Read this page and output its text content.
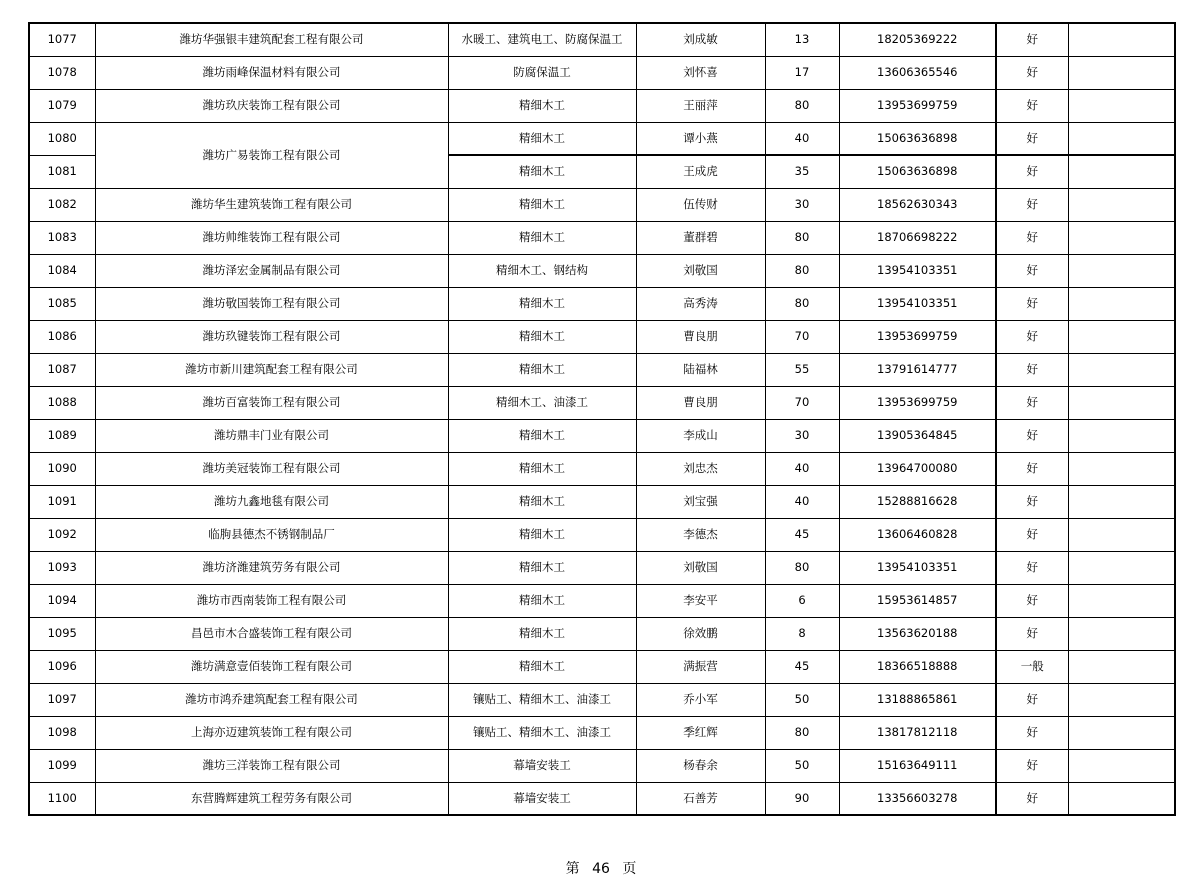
1077	潍坊华强银丰建筑配套工程有限公司	水暖工、建筑电工、防腐保温工	刘成敏	13	18205369222	好	
1078	潍坊雨峰保温材料有限公司	防腐保温工	刘怀喜	17	13606365546	好	
1079	潍坊玖庆装饰工程有限公司	精细木工	王丽萍	80	13953699759	好	
1080	潍坊广易装饰工程有限公司	精细木工	谭小燕	40	15063636898	好	
1081		精细木工	王成虎	35	15063636898	好	
1082	潍坊华生建筑装饰工程有限公司	精细木工	伍传财	30	18562630343	好	
1083	潍坊帅维装饰工程有限公司	精细木工	董群碧	80	18706698222	好	
1084	潍坊泽宏金属制品有限公司	精细木工、钢结构	刘敬国	80	13954103351	好	
1085	潍坊敬国装饰工程有限公司	精细木工	高秀涛	80	13954103351	好	
1086	潍坊玖键装饰工程有限公司	精细木工	曹良朋	70	13953699759	好	
1087	潍坊市新川建筑配套工程有限公司	精细木工	陆福林	55	13791614777	好	
1088	潍坊百富装饰工程有限公司	精细木工、油漆工	曹良朋	70	13953699759	好	
1089	潍坊鼎丰门业有限公司	精细木工	李成山	30	13905364845	好	
1090	潍坊美冠装饰工程有限公司	精细木工	刘忠杰	40	13964700080	好	
1091	潍坊九鑫地毯有限公司	精细木工	刘宝强	40	15288816628	好	
1092	临朐县德杰不锈钢制品厂	精细木工	李德杰	45	13606460828	好	
1093	潍坊济潍建筑劳务有限公司	精细木工	刘敬国	80	13954103351	好	
1094	潍坊市西南装饰工程有限公司	精细木工	李安平	6	15953614857	好	
1095	昌邑市木合盛装饰工程有限公司	精细木工	徐效鹏	8	13563620188	好	
1096	潍坊满意壹佰装饰工程有限公司	精细木工	满振营	45	18366518888	一般	
1097	潍坊市鸿乔建筑配套工程有限公司	镶贴工、精细木工、油漆工	乔小军	50	13188865861	好	
1098	上海亦迈建筑装饰工程有限公司	镶贴工、精细木工、油漆工	季红辉	80	13817812118	好	
1099	潍坊三洋装饰工程有限公司	幕墙安装工	杨春余	50	15163649111	好	
1100	东营腾辉建筑工程劳务有限公司	幕墙安装工	石善芳	90	13356603278	好	
第 46 页
